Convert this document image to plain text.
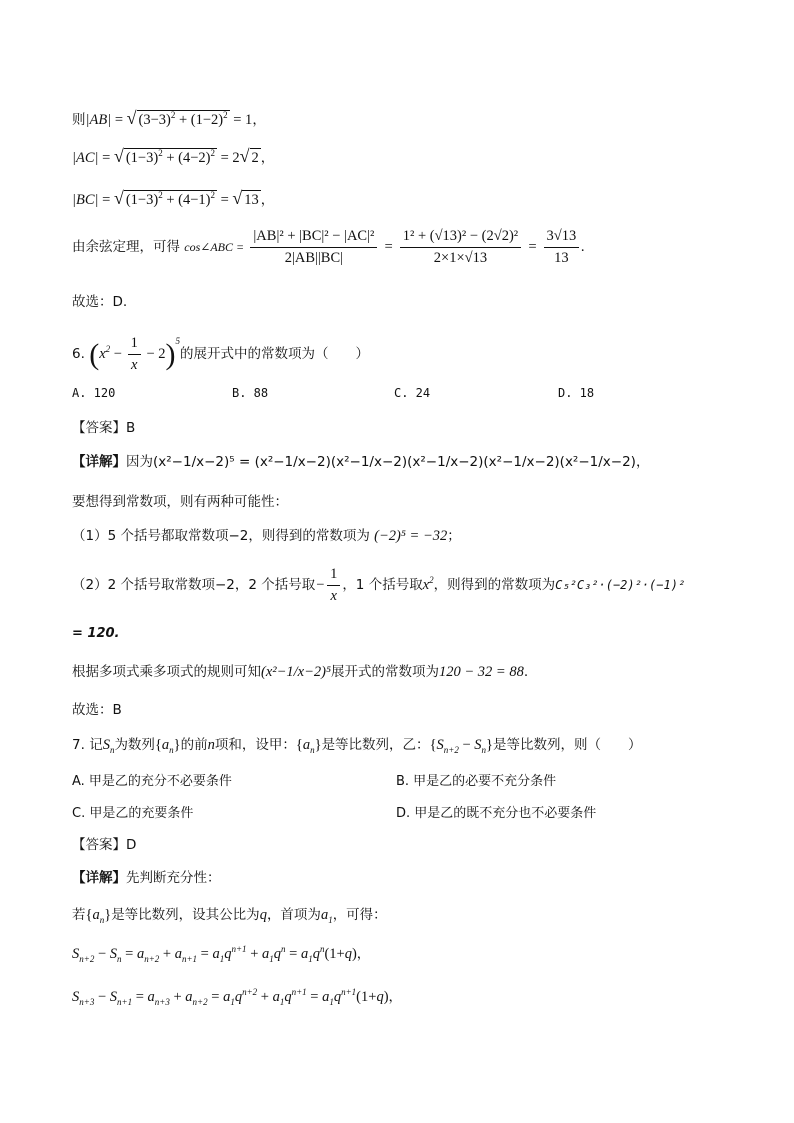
则|AB| = √ $(3-3)^2 + (1-2)^2 = 1$，
|AC| = √ $(1-3)^2 + (4-2)^2 = 2√$ 2 ，
|BC| = √ $(1-3)^2 + (4-1)^2$ = √ 13 ，
由余弦定理，可得 cos∠ABC = $\frac{\text{|AB|² + |BC|² − |AC|²}}{2|AB||BC|} = \frac{\text{1² + (√13)² − (2√2)²}}{2\times 1\times√13} = \frac{3√13}{13}$ .
故选：D.
6. $(x^2 - \frac{1}{x} - 2)^5$的展开式中的常数项为（　　）
A. 120	B. 88	C. 24	D. 18
【答案】B
【详解】因为(x²−1/x−2)⁵ = (x²−1/x−2)(x²−1/x−2)(x²−1/x−2)(x²−1/x−2)(x²−1/x−2)，
要想得到常数项，则有两种可能性：
（1）5 个括号都取常数项−2，则得到的常数项为 (−2)⁵ = −32；
（2）2 个括号取常数项−2，2 个括号取− $\frac{1}{x}$ ，1 个括号取$x^2$，则得到的常数项为C₅²C₃²·(−2)²·(−1)²
= 120.
根据多项式乘多项式的规则可知(x²−1/x−2)⁵展开式的常数项为120 − 32 = 88.
故选：B
7. 记$S_n$为数列$\{a_n\}$的前n项和，设甲：$\{a_n\}$是等比数列，乙：$\{S_{n+2} - S_n\}$是等比数列，则（　　）
A. 甲是乙的充分不必要条件	B. 甲是乙的必要不充分条件
C. 甲是乙的充要条件	D. 甲是乙的既不充分也不必要条件
【答案】D
【详解】先判断充分性：
若$\{a_n\}$是等比数列，设其公比为q，首项为$a_1$，可得：
$S_{n+2} - S_n = a_{n+2} + a_{n+1} = a_1q^{n+1} + a_1q^n = a_1q^n(1+q)$，
$S_{n+3} - S_{n+1} = a_{n+3} + a_{n+2} = a_1q^{n+2} + a_1q^{n+1} = a_1q^{n+1}(1+q)$，
